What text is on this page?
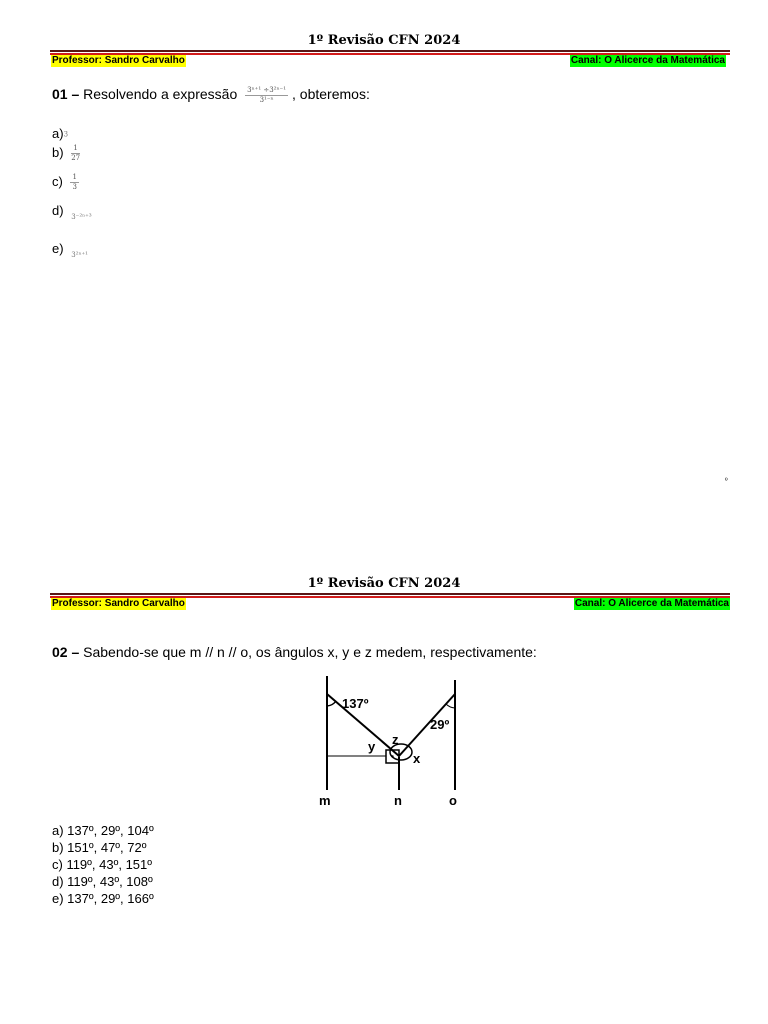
1º Revisão CFN 2024
Professor: Sandro Carvalho	Canal: O Alicerce da Matemática
01 – Resolvendo a expressão $\frac{\text{3ⁿ⁺¹ ÷3²ⁿ⁻¹}}{\text{3¹⁻ⁿ}}$ , obteremos:
a)3
$b) \frac{1}{27}$
$c) \frac{1}{3}$
d) $_{3^{-2n+3}}$
e) $_{3^{2n+1}}$
º
1º Revisão CFN 2024
Professor: Sandro Carvalho	Canal: O Alicerce da Matemática
02 – Sabendo-se que m // n // o, os ângulos x, y e z medem, respectivamente:
137º
29º
y z
x
m	n	o
a) 137º, 29º, 104º
b) 151º, 47º, 72º
c) 119º, 43º, 151º
d) 119º, 43º, 108º
e) 137º, 29º, 166º
